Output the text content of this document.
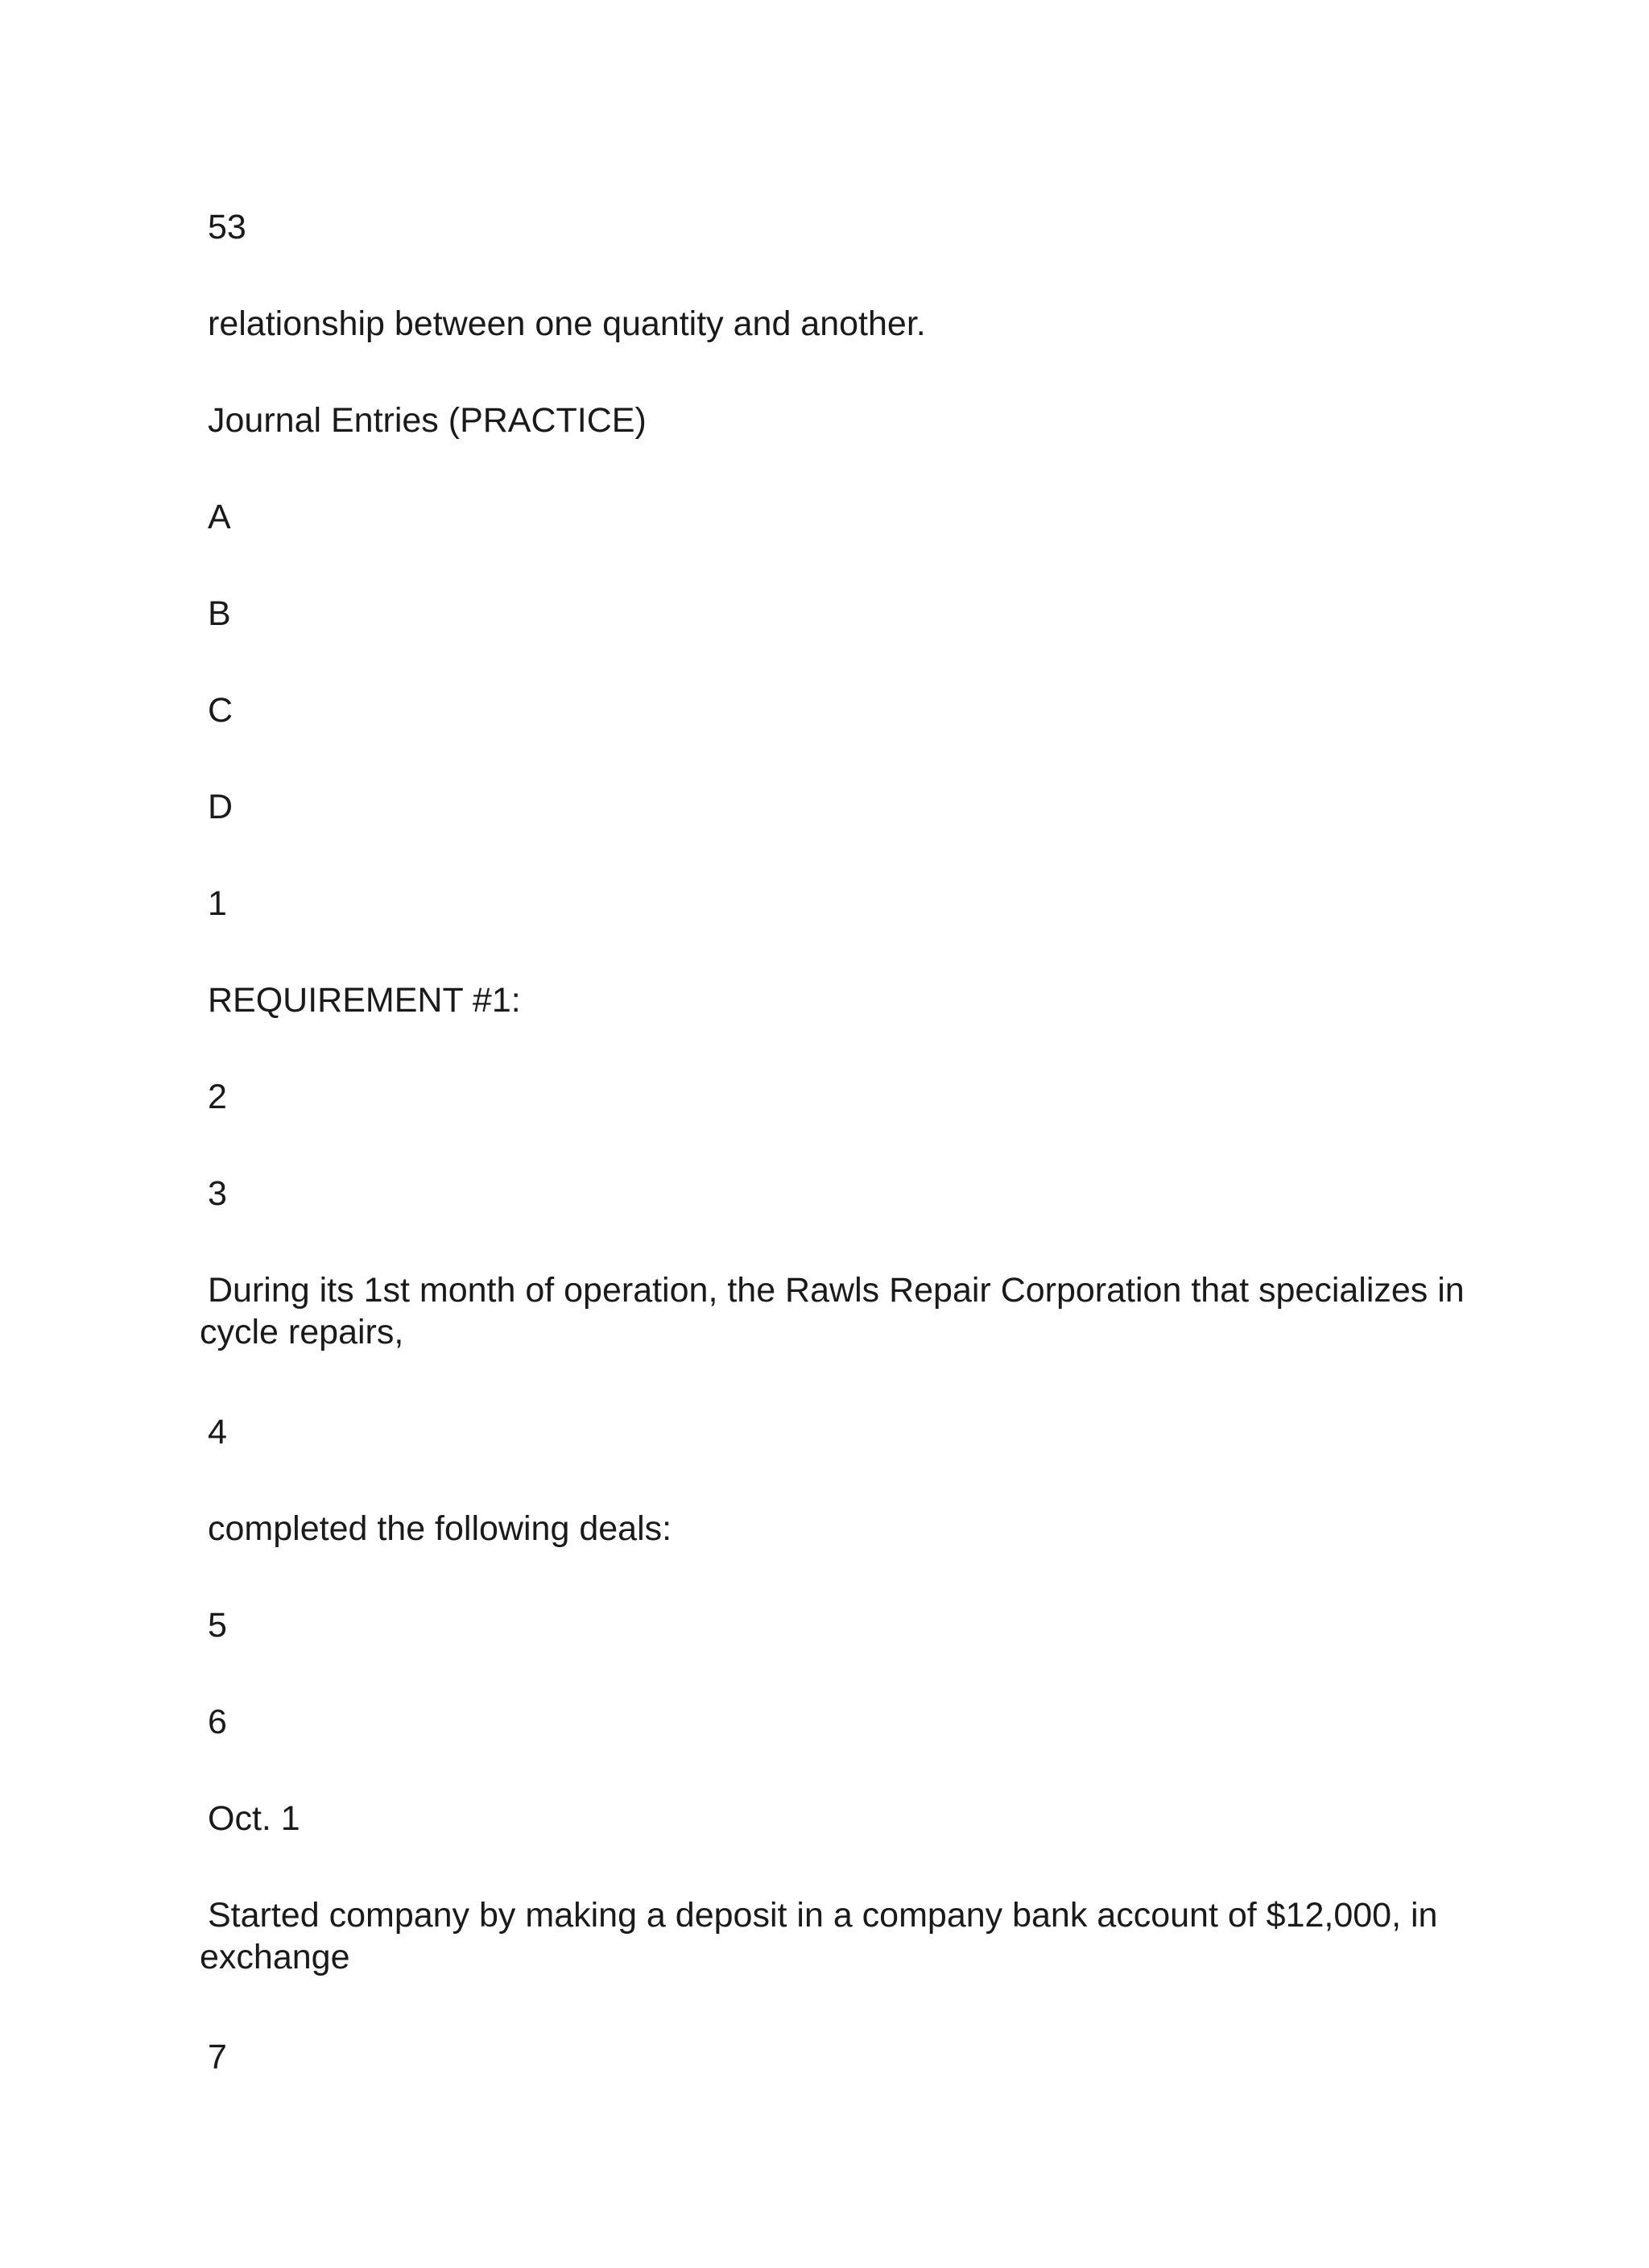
53

relationship between one quantity and another.

Journal Entries (PRACTICE)

A

B

C

D

1

REQUIREMENT #1:

2

3

During its 1st month of operation, the Rawls Repair Corporation that specializes in cycle repairs,

4

completed the following deals:

5

6

Oct. 1

Started company by making a deposit in a company bank account of $12,000, in exchange

7
